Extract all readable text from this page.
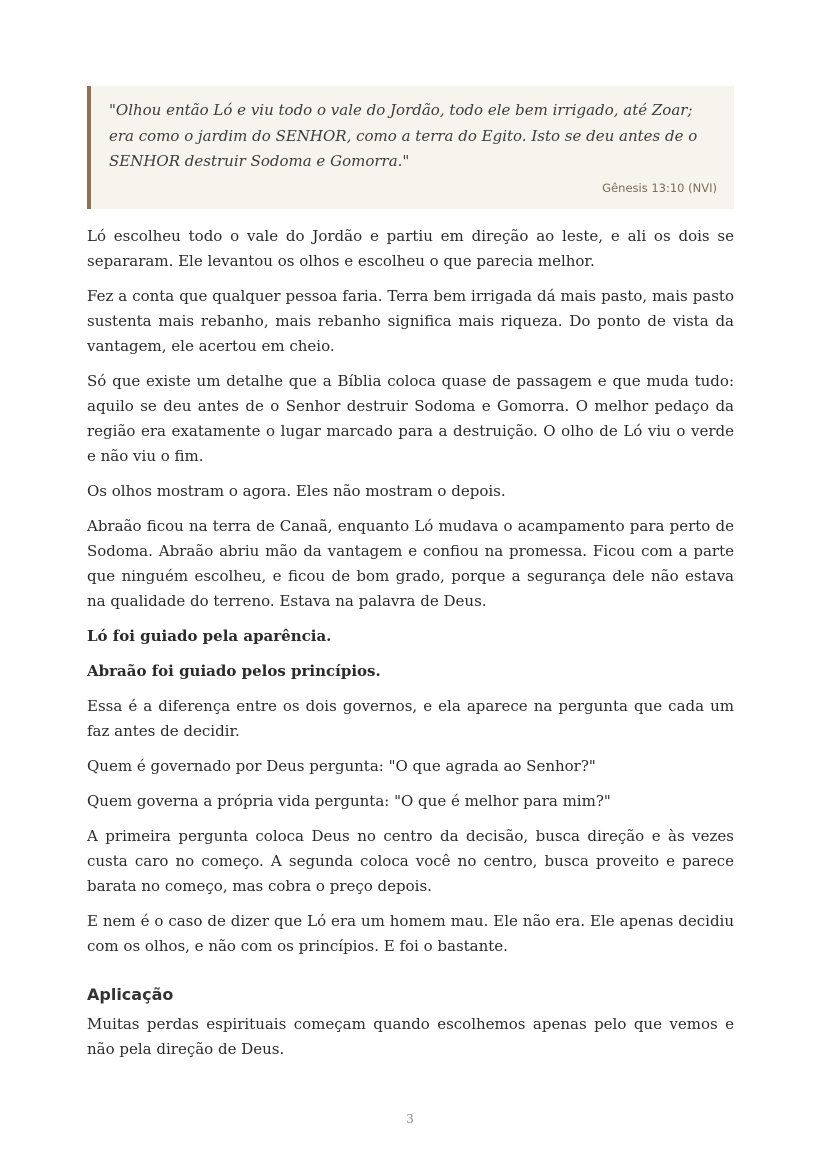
"Olhou então Ló e viu todo o vale do Jordão, todo ele bem irrigado, até Zoar; era como o jardim do SENHOR, como a terra do Egito. Isto se deu antes de o SENHOR destruir Sodoma e Gomorra."

Gênesis 13:10 (NVI)

Ló escolheu todo o vale do Jordão e partiu em direção ao leste, e ali os dois se separaram. Ele levantou os olhos e escolheu o que parecia melhor.

Fez a conta que qualquer pessoa faria. Terra bem irrigada dá mais pasto, mais pasto sustenta mais rebanho, mais rebanho significa mais riqueza. Do ponto de vista da vantagem, ele acertou em cheio.

Só que existe um detalhe que a Bíblia coloca quase de passagem e que muda tudo: aquilo se deu antes de o Senhor destruir Sodoma e Gomorra. O melhor pedaço da região era exatamente o lugar marcado para a destruição. O olho de Ló viu o verde e não viu o fim.

Os olhos mostram o agora. Eles não mostram o depois.

Abraão ficou na terra de Canaã, enquanto Ló mudava o acampamento para perto de Sodoma. Abraão abriu mão da vantagem e confiou na promessa. Ficou com a parte que ninguém escolheu, e ficou de bom grado, porque a segurança dele não estava na qualidade do terreno. Estava na palavra de Deus.

Ló foi guiado pela aparência.

Abraão foi guiado pelos princípios.

Essa é a diferença entre os dois governos, e ela aparece na pergunta que cada um faz antes de decidir.

Quem é governado por Deus pergunta: "O que agrada ao Senhor?"

Quem governa a própria vida pergunta: "O que é melhor para mim?"

A primeira pergunta coloca Deus no centro da decisão, busca direção e às vezes custa caro no começo. A segunda coloca você no centro, busca proveito e parece barata no começo, mas cobra o preço depois.

E nem é o caso de dizer que Ló era um homem mau. Ele não era. Ele apenas decidiu com os olhos, e não com os princípios. E foi o bastante.

Aplicação

Muitas perdas espirituais começam quando escolhemos apenas pelo que vemos e não pela direção de Deus.

3
